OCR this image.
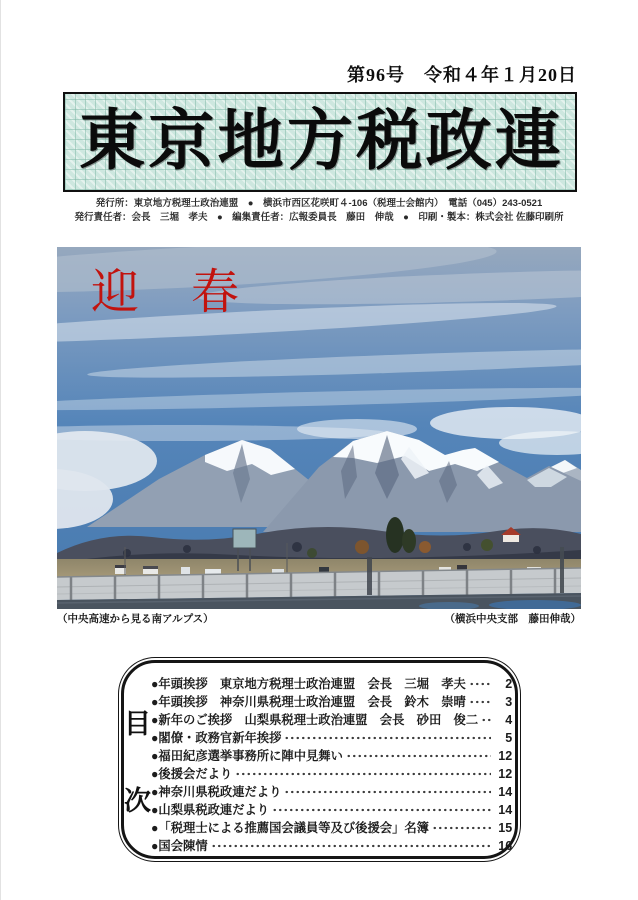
第96号　令和４年１月20日
東 京 地 方 税 政 連
発行所：東京地方税理士政治連盟　●　横浜市西区花咲町４-106（税理士会館内）　電話（045）243-0521
発行責任者：会長　三堀　孝夫　●　編集責任者：広報委員長　藤田　伸哉　●　印刷・製本：株式会社 佐藤印刷所
迎　春
（中央高速から見る南アルプス）	（横浜中央支部　藤田伸哉）
目
次
●年頭挨拶　東京地方税理士政治連盟　会長　三堀　孝夫	2
●年頭挨拶　神奈川県税理士政治連盟　会長　鈴木　崇晴	3
●新年のご挨拶　山梨県税理士政治連盟　会長　砂田　俊二	4
●閣僚・政務官新年挨拶	5
●福田紀彦選挙事務所に陣中見舞い	12
●後援会だより	12
●神奈川県税政連だより	14
●山梨県税政連だより	14
●「税理士による推薦国会議員等及び後援会」名簿	15
●国会陳情	16
